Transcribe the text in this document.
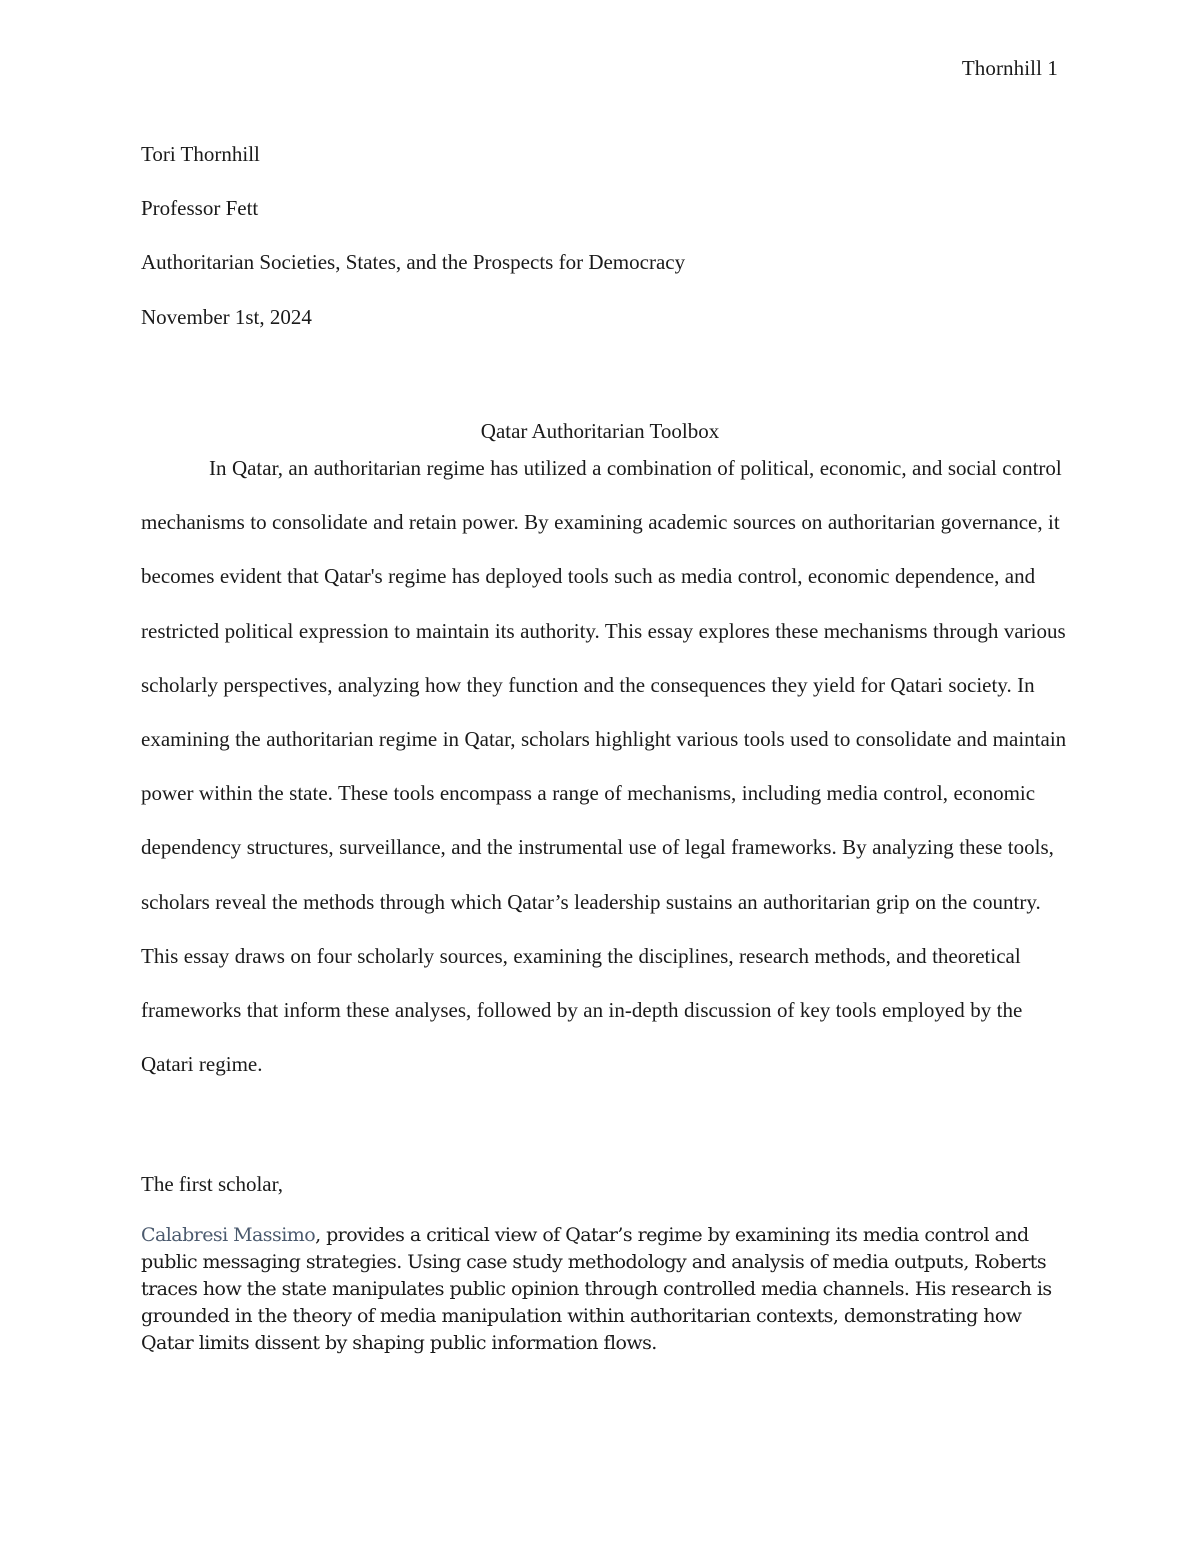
Thornhill 1
Tori Thornhill
Professor Fett
Authoritarian Societies, States, and the Prospects for Democracy
November 1st, 2024
Qatar Authoritarian Toolbox
In Qatar, an authoritarian regime has utilized a combination of political, economic, and social control mechanisms to consolidate and retain power. By examining academic sources on authoritarian governance, it becomes evident that Qatar's regime has deployed tools such as media control, economic dependence, and restricted political expression to maintain its authority. This essay explores these mechanisms through various scholarly perspectives, analyzing how they function and the consequences they yield for Qatari society. In examining the authoritarian regime in Qatar, scholars highlight various tools used to consolidate and maintain power within the state. These tools encompass a range of mechanisms, including media control, economic dependency structures, surveillance, and the instrumental use of legal frameworks. By analyzing these tools, scholars reveal the methods through which Qatar’s leadership sustains an authoritarian grip on the country. This essay draws on four scholarly sources, examining the disciplines, research methods, and theoretical frameworks that inform these analyses, followed by an in-depth discussion of key tools employed by the Qatari regime.
The first scholar,
Calabresi Massimo, provides a critical view of Qatar’s regime by examining its media control and public messaging strategies. Using case study methodology and analysis of media outputs, Roberts traces how the state manipulates public opinion through controlled media channels. His research is grounded in the theory of media manipulation within authoritarian contexts, demonstrating how Qatar limits dissent by shaping public information flows.
